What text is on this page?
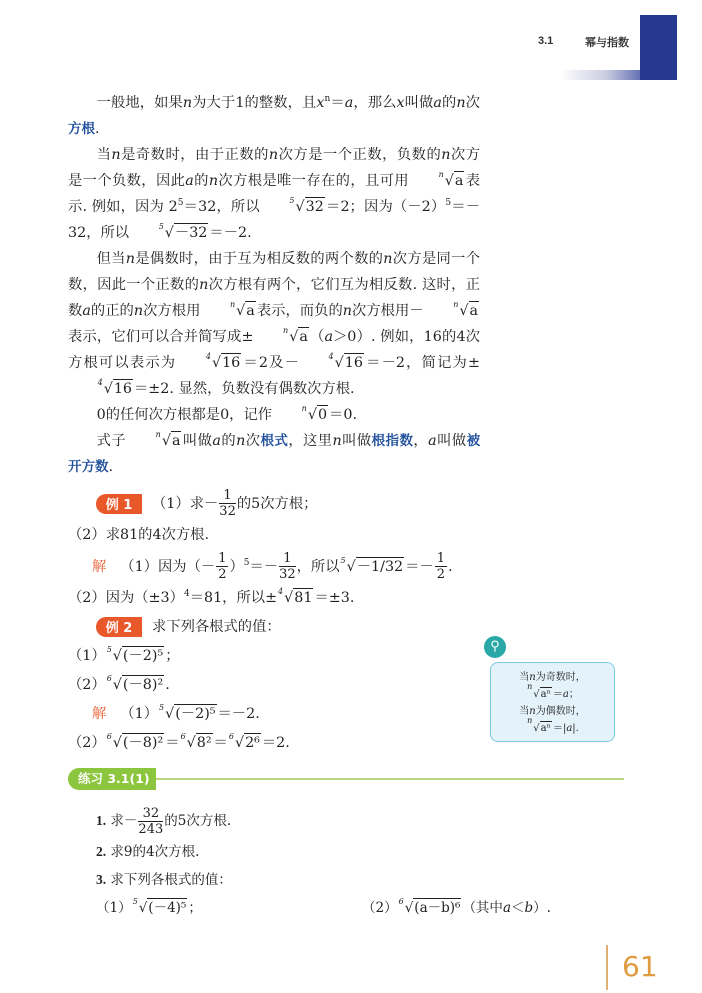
3.1	幂与指数

一般地，如果n为大于1的整数，且$x^n=a$，那么x叫做a的n次方根.

当n是奇数时，由于正数的n次方是一个正数，负数的n次方是一个负数，因此a的n次方根是唯一存在的，且可用	$^n$√a 表示. 例如，因为 $2^5=32$，所以	$^5$√32 ＝2；因为$(-2)^5=-32$，所以	$^5$√－32 ＝－2.

但当n是偶数时，由于互为相反数的两个数的n次方是同一个数，因此一个正数的n次方根有两个，它们互为相反数. 这时，正数a的正的n次方根用	$^n$√a 表示，而负的n次方根用－	$^n$√a表示，它们可以合并简写成±	$^n$√a （a＞0）. 例如，16的4次方根可以表示为	$^4$√16 ＝2及－	$^4$√16 ＝－2，简记为±$^4$√16 ＝±2. 显然，负数没有偶数次方根.

0的任何次方根都是0，记作	$^n$√0 ＝0.

式子	$^n$√a 叫做a的n次根式，这里n叫做根指数，a叫做被开方数.

例 1 （1）求－ $\frac{1}{32}$ 的5次方根；
（2）求81的4次方根.
解 （1）因为（－ $\frac{1}{2} )^5=- \frac{1}{32}$ ，所以$^5√-1/32 =- \frac{1}{2}$ .
（2）因为$(\pm 3)^4=81$，所以±$^4$√81 ＝±3.
例 2 求下列各根式的值：
$(1)^5√(-2)^5$ ；
$(2)^6√(-8)^2$ .
解 $(1)^5√(-2)^5 =-2$.
$(2)^6√(-8)^2 =^6√8^2 =^6√2^6 =2$.
练习 3.1(1)
1. 求－ $\frac{32}{243}$ 的5次方根.
2. 求9的4次方根.
3. 求下列各根式的值：
$(1)^5√(-4)^5$ ；	$(2)^6√(a-b)^6$ （其中a＜b）.
当n为奇数时，
$^n$√aⁿ ＝a；
当n为偶数时，
$^n$√aⁿ ＝|a|.
⚲
61
